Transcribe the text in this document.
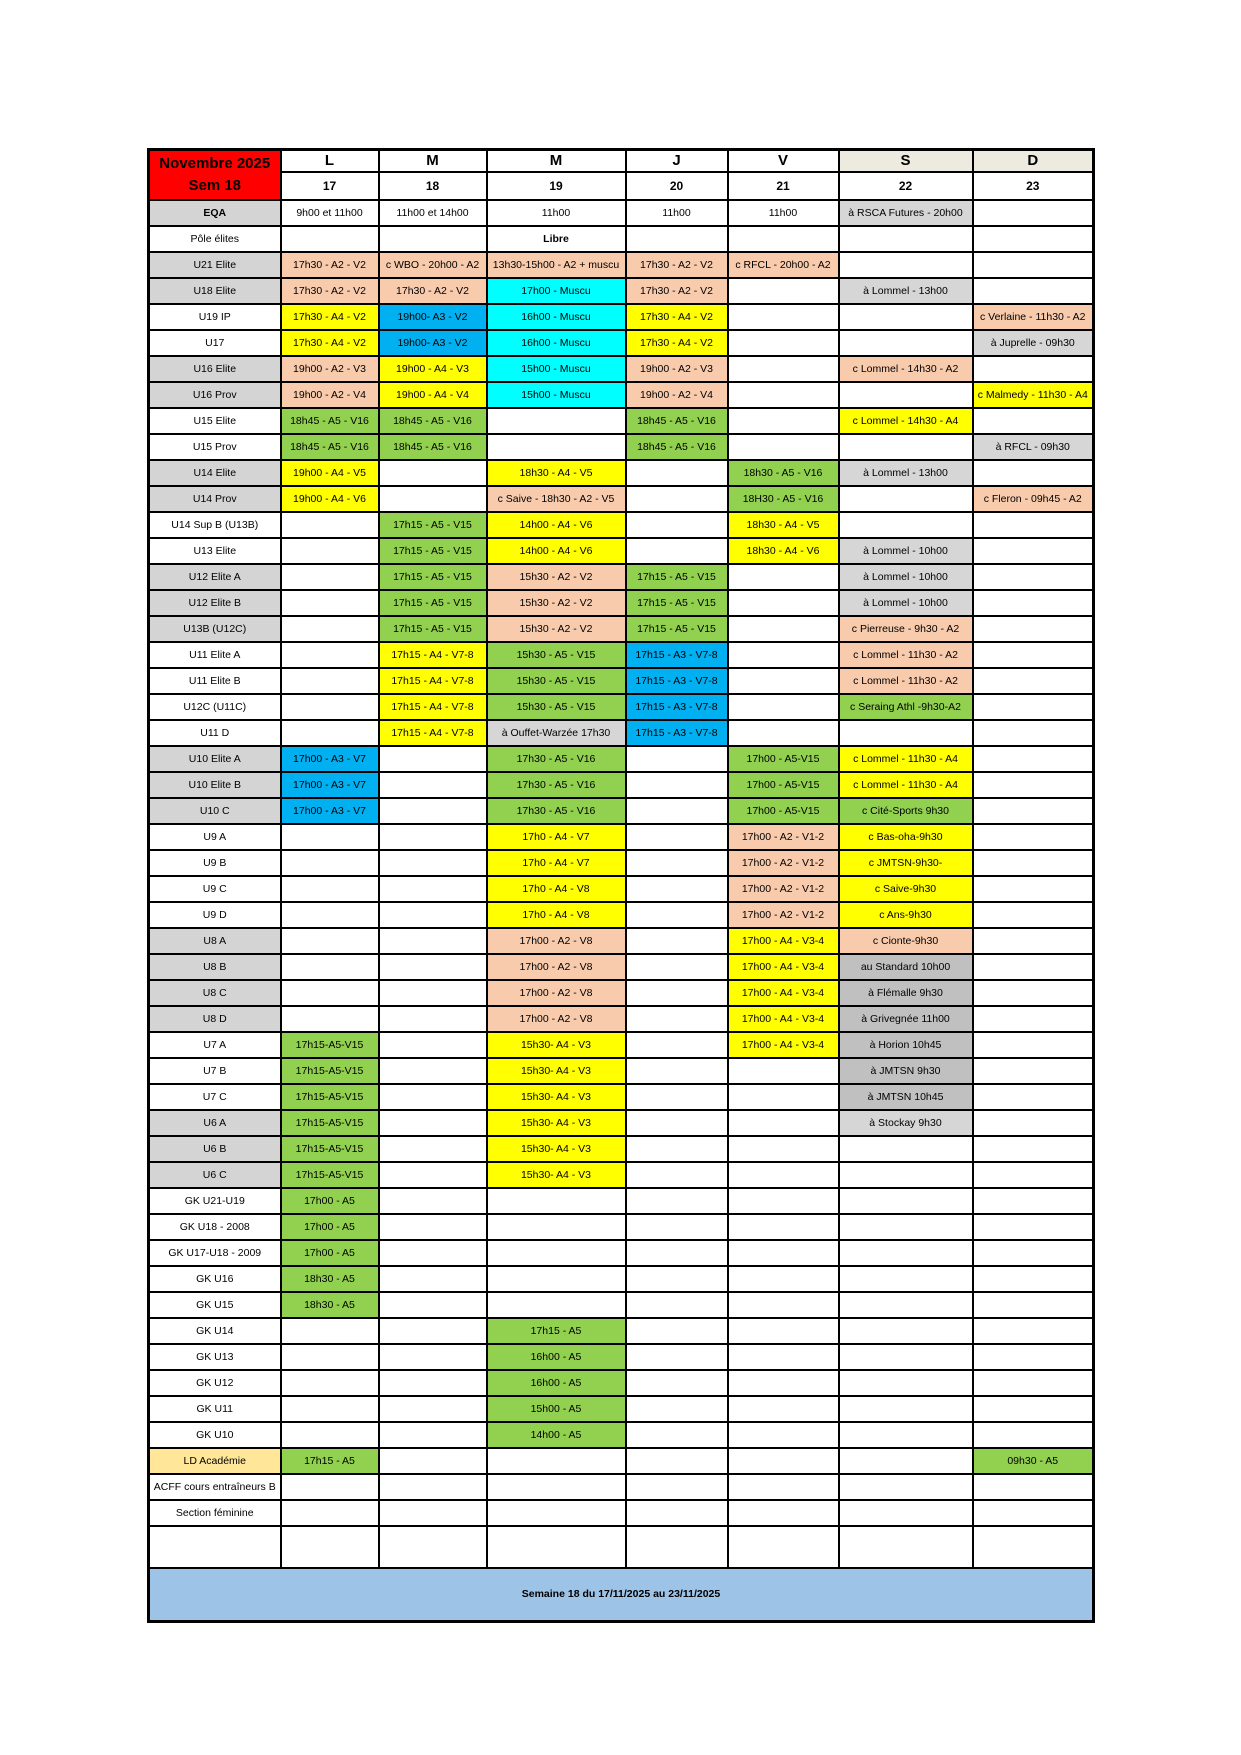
Novembre 2025
Sem 18	L	M	M	J	V	S	D
	17	18	19	20	21	22	23
EQA	9h00 et 11h00	11h00 et 14h00	11h00	11h00	11h00	à RSCA Futures - 20h00	
Pôle élites			Libre				
U21 Elite	17h30 - A2 - V2	c WBO - 20h00 - A2	13h30-15h00 - A2 + muscu	17h30 - A2 - V2	c RFCL - 20h00 - A2		
U18 Elite	17h30 - A2 - V2	17h30 - A2 - V2	17h00 - Muscu	17h30 - A2 - V2		à Lommel - 13h00	
U19 IP	17h30 - A4 - V2	19h00- A3 - V2	16h00 - Muscu	17h30 - A4 - V2			c Verlaine - 11h30 - A2
U17	17h30 - A4 - V2	19h00- A3 - V2	16h00 - Muscu	17h30 - A4 - V2			à Juprelle - 09h30
U16 Elite	19h00 - A2 - V3	19h00 - A4 - V3	15h00 - Muscu	19h00 - A2 - V3		c Lommel - 14h30 - A2	
U16 Prov	19h00 - A2 - V4	19h00 - A4 - V4	15h00 - Muscu	19h00 - A2 - V4			c Malmedy - 11h30 - A4
U15 Elite	18h45 - A5 - V16	18h45 - A5 - V16		18h45 - A5 - V16		c Lommel - 14h30 - A4	
U15 Prov	18h45 - A5 - V16	18h45 - A5 - V16		18h45 - A5 - V16			à RFCL - 09h30
U14 Elite	19h00 - A4 - V5		18h30 - A4 - V5		18h30 - A5 - V16	à Lommel - 13h00	
U14 Prov	19h00 - A4 - V6		c Saive - 18h30 - A2 - V5		18H30 - A5 - V16		c Fleron - 09h45 - A2
U14 Sup B (U13B)		17h15 - A5 - V15	14h00 - A4 - V6		18h30 - A4 - V5		
U13 Elite		17h15 - A5 - V15	14h00 - A4 - V6		18h30 - A4 - V6	à Lommel - 10h00	
U12 Elite A		17h15 - A5 - V15	15h30 - A2 - V2	17h15 - A5 - V15		à Lommel - 10h00	
U12 Elite B		17h15 - A5 - V15	15h30 - A2 - V2	17h15 - A5 - V15		à Lommel - 10h00	
U13B (U12C)		17h15 - A5 - V15	15h30 - A2 - V2	17h15 - A5 - V15		c Pierreuse - 9h30 - A2	
U11 Elite A		17h15 - A4 - V7-8	15h30 - A5 - V15	17h15 - A3 - V7-8		c Lommel - 11h30 - A2	
U11 Elite B		17h15 - A4 - V7-8	15h30 - A5 - V15	17h15 - A3 - V7-8		c Lommel - 11h30 - A2	
U12C (U11C)		17h15 - A4 - V7-8	15h30 - A5 - V15	17h15 - A3 - V7-8		c Seraing Athl -9h30-A2	
U11 D		17h15 - A4 - V7-8	à Ouffet-Warzée 17h30	17h15 - A3 - V7-8			
U10 Elite A	17h00 - A3 - V7		17h30 - A5 - V16		17h00 - A5-V15	c Lommel - 11h30 - A4	
U10 Elite B	17h00 - A3 - V7		17h30 - A5 - V16		17h00 - A5-V15	c Lommel - 11h30 - A4	
U10 C	17h00 - A3 - V7		17h30 - A5 - V16		17h00 - A5-V15	c Cité-Sports 9h30	
U9 A			17h0 - A4 - V7		17h00 - A2 - V1-2	c Bas-oha-9h30	
U9 B			17h0 - A4 - V7		17h00 - A2 - V1-2	c JMTSN-9h30-	
U9 C			17h0 - A4 - V8		17h00 - A2 - V1-2	c Saive-9h30	
U9 D			17h0 - A4 - V8		17h00 - A2 - V1-2	c Ans-9h30	
U8 A			17h00 - A2 - V8		17h00 - A4 - V3-4	c Cionte-9h30	
U8 B			17h00 - A2 - V8		17h00 - A4 - V3-4	au Standard 10h00	
U8 C			17h00 - A2 - V8		17h00 - A4 - V3-4	à Flémalle 9h30	
U8 D			17h00 - A2 - V8		17h00 - A4 - V3-4	à Grivegnée 11h00	
U7 A	17h15-A5-V15		15h30- A4 - V3		17h00 - A4 - V3-4	à Horion 10h45	
U7 B	17h15-A5-V15		15h30- A4 - V3			à JMTSN 9h30	
U7 C	17h15-A5-V15		15h30- A4 - V3			à JMTSN 10h45	
U6 A	17h15-A5-V15		15h30- A4 - V3			à Stockay 9h30	
U6 B	17h15-A5-V15		15h30- A4 - V3				
U6 C	17h15-A5-V15		15h30- A4 - V3				
GK U21-U19	17h00 - A5						
GK U18 - 2008	17h00 - A5						
GK U17-U18 - 2009	17h00 - A5						
GK U16	18h30 - A5						
GK U15	18h30 - A5						
GK U14			17h15 - A5				
GK U13			16h00 - A5				
GK U12			16h00 - A5				
GK U11			15h00 - A5				
GK U10			14h00 - A5				
LD Académie	17h15 - A5						09h30 - A5
ACFF cours entraîneurs B							
Section féminine							

Semaine 18 du 17/11/2025 au 23/11/2025							
